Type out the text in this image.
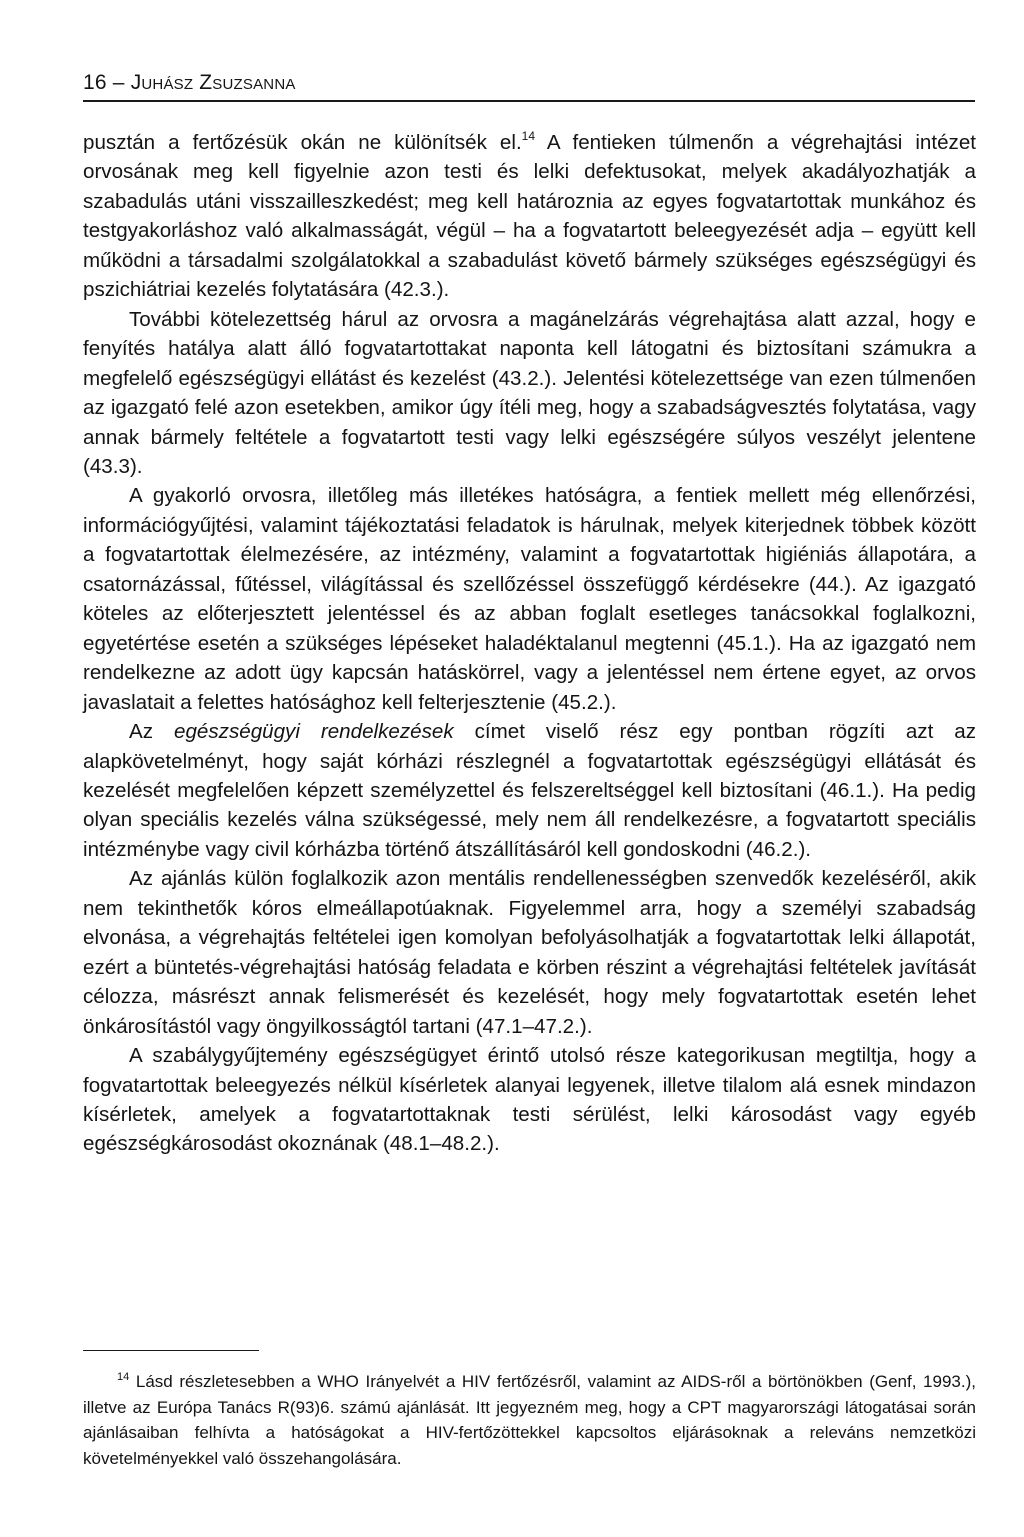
16 – Juhász Zsuzsanna

pusztán a fertőzésük okán ne különítsék el.$^{14}$ A fentieken túlmenőn a végrehajtási intézet orvosának meg kell figyelnie azon testi és lelki defektusokat, melyek akadályozhatják a szabadulás utáni visszailleszkedést; meg kell határoznia az egyes fogvatartottak munkához és testgyakorláshoz való alkalmasságát, végül – ha a fogvatartott beleegyezését adja – együtt kell működni a társadalmi szolgálatokkal a szabadulást követő bármely szükséges egészségügyi és pszichiátriai kezelés folytatására (42.3.).

További kötelezettség hárul az orvosra a magánelzárás végrehajtása alatt azzal, hogy e fenyítés hatálya alatt álló fogvatartottakat naponta kell látogatni és biztosítani számukra a megfelelő egészségügyi ellátást és kezelést (43.2.). Jelentési kötelezettsége van ezen túlmenően az igazgató felé azon esetekben, amikor úgy ítéli meg, hogy a szabadságvesztés folytatása, vagy annak bármely feltétele a fogvatartott testi vagy lelki egészségére súlyos veszélyt jelentene (43.3).

A gyakorló orvosra, illetőleg más illetékes hatóságra, a fentiek mellett még ellenőrzési, információgyűjtési, valamint tájékoztatási feladatok is hárulnak, melyek kiterjednek többek között a fogvatartottak élelmezésére, az intézmény, valamint a fogvatartottak higiéniás állapotára, a csatornázással, fűtéssel, világítással és szellőzéssel összefüggő kérdésekre (44.). Az igazgató köteles az előterjesztett jelentéssel és az abban foglalt esetleges tanácsokkal foglalkozni, egyetértése esetén a szükséges lépéseket haladéktalanul megtenni (45.1.). Ha az igazgató nem rendelkezne az adott ügy kapcsán hatáskörrel, vagy a jelentéssel nem értene egyet, az orvos javaslatait a felettes hatósághoz kell felterjesztenie (45.2.).

Az egészségügyi rendelkezések címet viselő rész egy pontban rögzíti azt az alapkövetelményt, hogy saját kórházi részlegnél a fogvatartottak egészségügyi ellátását és kezelését megfelelően képzett személyzettel és felszereltséggel kell biztosítani (46.1.). Ha pedig olyan speciális kezelés válna szükségessé, mely nem áll rendelkezésre, a fogvatartott speciális intézménybe vagy civil kórházba történő átszállításáról kell gondoskodni (46.2.).

Az ajánlás külön foglalkozik azon mentális rendellenességben szenvedők kezeléséről, akik nem tekinthetők kóros elmeállapotúaknak. Figyelemmel arra, hogy a személyi szabadság elvonása, a végrehajtás feltételei igen komolyan befolyásolhatják a fogvatartottak lelki állapotát, ezért a büntetés-végrehajtási hatóság feladata e körben részint a végrehajtási feltételek javítását célozza, másrészt annak felismerését és kezelését, hogy mely fogvatartottak esetén lehet önkárosítástól vagy öngyilkosságtól tartani (47.1–47.2.).

A szabálygyűjtemény egészségügyet érintő utolsó része kategorikusan megtiltja, hogy a fogvatartottak beleegyezés nélkül kísérletek alanyai legyenek, illetve tilalom alá esnek mindazon kísérletek, amelyek a fogvatartottaknak testi sérülést, lelki károsodást vagy egyéb egészségkárosodást okoznának (48.1–48.2.).

$^{14}$ Lásd részletesebben a WHO Irányelvét a HIV fertőzésről, valamint az AIDS-ről a börtönökben (Genf, 1993.), illetve az Európa Tanács R(93)6. számú ajánlását. Itt jegyezném meg, hogy a CPT magyarországi látogatásai során ajánlásaiban felhívta a hatóságokat a HIV-fertőzöttekkel kapcsoltos eljárásoknak a releváns nemzetközi követelményekkel való összehangolására.
